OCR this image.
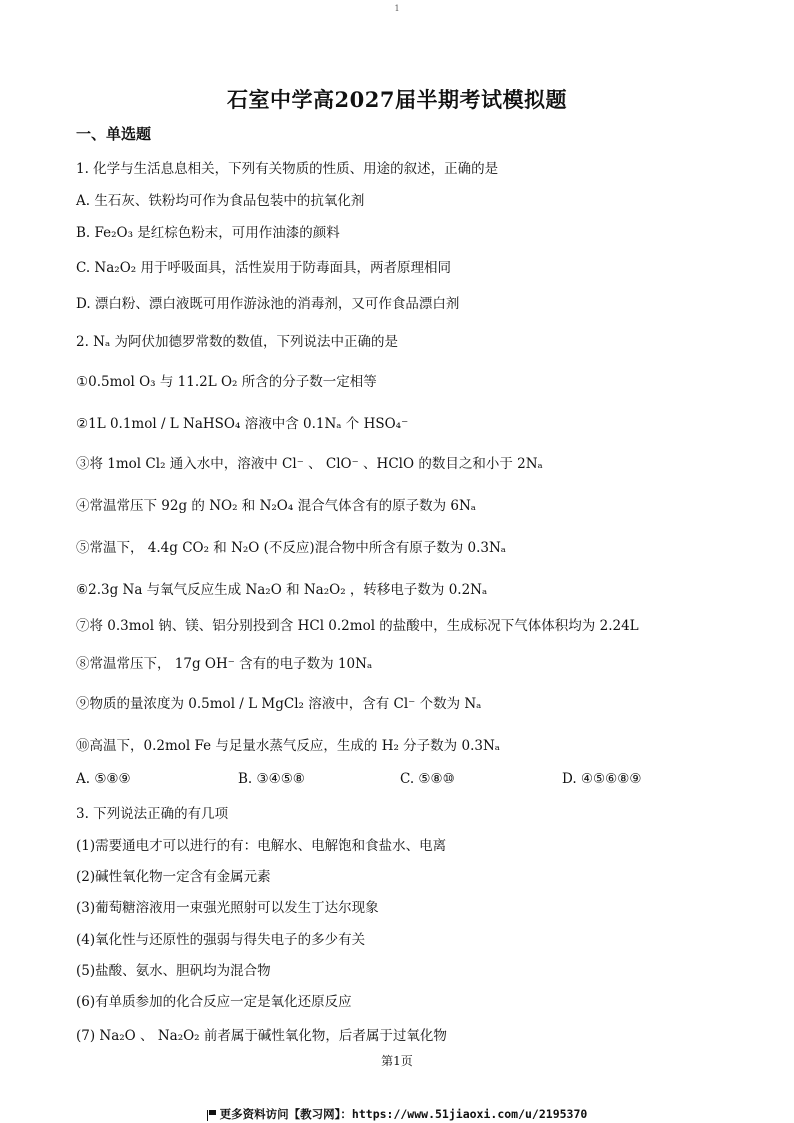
1
石室中学高2027届半期考试模拟题
一、单选题
1. 化学与生活息息相关，下列有关物质的性质、用途的叙述，正确的是
A. 生石灰、铁粉均可作为食品包装中的抗氧化剂
B. Fe₂O₃ 是红棕色粉末，可用作油漆的颜料
C. Na₂O₂ 用于呼吸面具，活性炭用于防毒面具，两者原理相同
D. 漂白粉、漂白液既可用作游泳池的消毒剂，又可作食品漂白剂
2. Nₐ 为阿伏加德罗常数的数值，下列说法中正确的是
①0.5mol O₃ 与 11.2L O₂ 所含的分子数一定相等
②1L 0.1mol / L NaHSO₄ 溶液中含 0.1Nₐ 个 HSO₄⁻
③将 1mol Cl₂ 通入水中，溶液中 Cl⁻ 、 ClO⁻ 、HClO 的数目之和小于 2Nₐ
④常温常压下 92g 的 NO₂ 和 N₂O₄ 混合气体含有的原子数为 6Nₐ
⑤常温下， 4.4g CO₂ 和 N₂O (不反应)混合物中所含有原子数为 0.3Nₐ
⑥2.3g Na 与氧气反应生成 Na₂O 和 Na₂O₂ ，转移电子数为 0.2Nₐ
⑦将 0.3mol 钠、镁、铝分别投到含 HCl 0.2mol 的盐酸中，生成标况下气体体积均为 2.24L
⑧常温常压下， 17g OH⁻ 含有的电子数为 10Nₐ
⑨物质的量浓度为 0.5mol / L MgCl₂ 溶液中，含有 Cl⁻ 个数为 Nₐ
⑩高温下，0.2mol Fe 与足量水蒸气反应，生成的 H₂ 分子数为 0.3Nₐ
A. ⑤⑧⑨	B. ③④⑤⑧	C. ⑤⑧⑩	D. ④⑤⑥⑧⑨
3. 下列说法正确的有几项
(1)需要通电才可以进行的有：电解水、电解饱和食盐水、电离
(2)碱性氧化物一定含有金属元素
(3)葡萄糖溶液用一束强光照射可以发生丁达尔现象
(4)氧化性与还原性的强弱与得失电子的多少有关
(5)盐酸、氨水、胆矾均为混合物
(6)有单质参加的化合反应一定是氧化还原反应
(7) Na₂O 、 Na₂O₂ 前者属于碱性氧化物，后者属于过氧化物
第1页
更多资料访问【教习网】：https://www.51jiaoxi.com/u/2195370
